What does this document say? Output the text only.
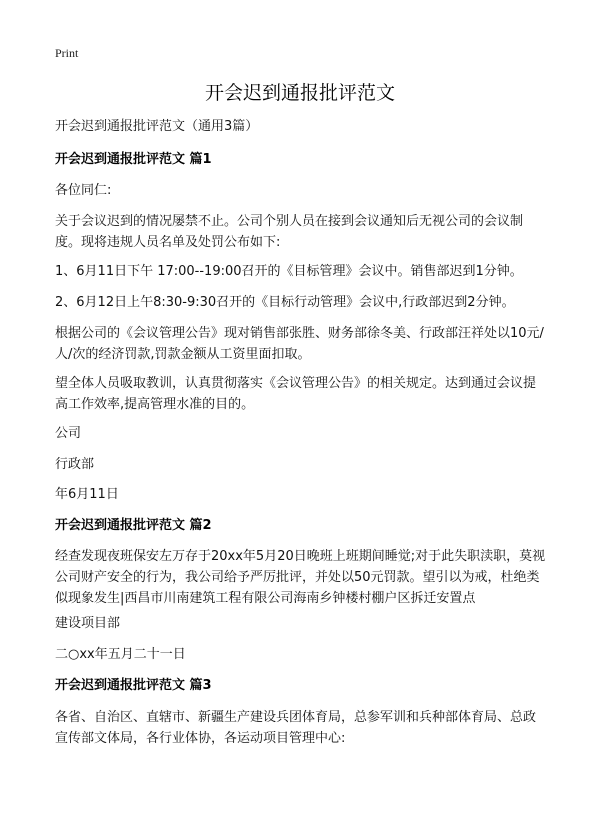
Print
开会迟到通报批评范文
开会迟到通报批评范文（通用3篇）
开会迟到通报批评范文 篇1
各位同仁:
关于会议迟到的情况屡禁不止。公司个别人员在接到会议通知后无视公司的会议制度。现将违规人员名单及处罚公布如下:
1、6月11日下午 17:00--19:00召开的《目标管理》会议中。销售部迟到1分钟。
2、6月12日上午8:30-9:30召开的《目标行动管理》会议中,行政部迟到2分钟。
根据公司的《会议管理公告》现对销售部张胜、财务部徐冬美、行政部汪祥处以10元/人/次的经济罚款,罚款金额从工资里面扣取。
望全体人员吸取教训，认真贯彻落实《会议管理公告》的相关规定。达到通过会议提高工作效率,提高管理水准的目的。
公司
行政部
年6月11日
开会迟到通报批评范文 篇2
经查发现夜班保安左万存于20xx年5月20日晚班上班期间睡觉;对于此失职渎职，莫视公司财产安全的行为，我公司给予严厉批评，并处以50元罚款。望引以为戒，杜绝类似现象发生|西昌市川南建筑工程有限公司海南乡钟楼村棚户区拆迁安置点
建设项目部
二○xx年五月二十一日
开会迟到通报批评范文 篇3
各省、自治区、直辖市、新疆生产建设兵团体育局，总参军训和兵种部体育局、总政宣传部文体局，各行业体协，各运动项目管理中心:
